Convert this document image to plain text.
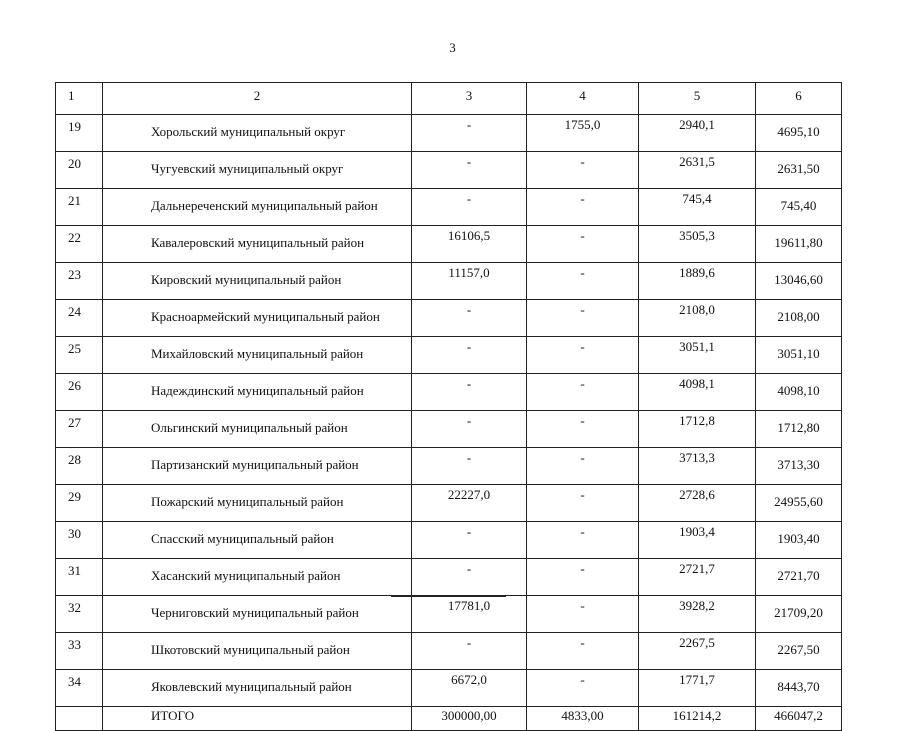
3
1	2	3	4	5	6
19	Хорольский муниципальный округ	-	1755,0	2940,1	4695,10
20	Чугуевский муниципальный округ	-	-	2631,5	2631,50
21	Дальнереченский муниципальный район	-	-	745,4	745,40
22	Кавалеровский муниципальный район	16106,5	-	3505,3	19611,80
23	Кировский муниципальный район	11157,0	-	1889,6	13046,60
24	Красноармейский муниципальный район	-	-	2108,0	2108,00
25	Михайловский муниципальный район	-	-	3051,1	3051,10
26	Надеждинский муниципальный район	-	-	4098,1	4098,10
27	Ольгинский муниципальный район	-	-	1712,8	1712,80
28	Партизанский муниципальный район	-	-	3713,3	3713,30
29	Пожарский муниципальный район	22227,0	-	2728,6	24955,60
30	Спасский муниципальный район	-	-	1903,4	1903,40
31	Хасанский муниципальный район	-	-	2721,7	2721,70
32	Черниговский муниципальный район	17781,0	-	3928,2	21709,20
33	Шкотовский муниципальный район	-	-	2267,5	2267,50
34	Яковлевский муниципальный район	6672,0	-	1771,7	8443,70
	ИТОГО	300000,00	4833,00	161214,2	466047,2
